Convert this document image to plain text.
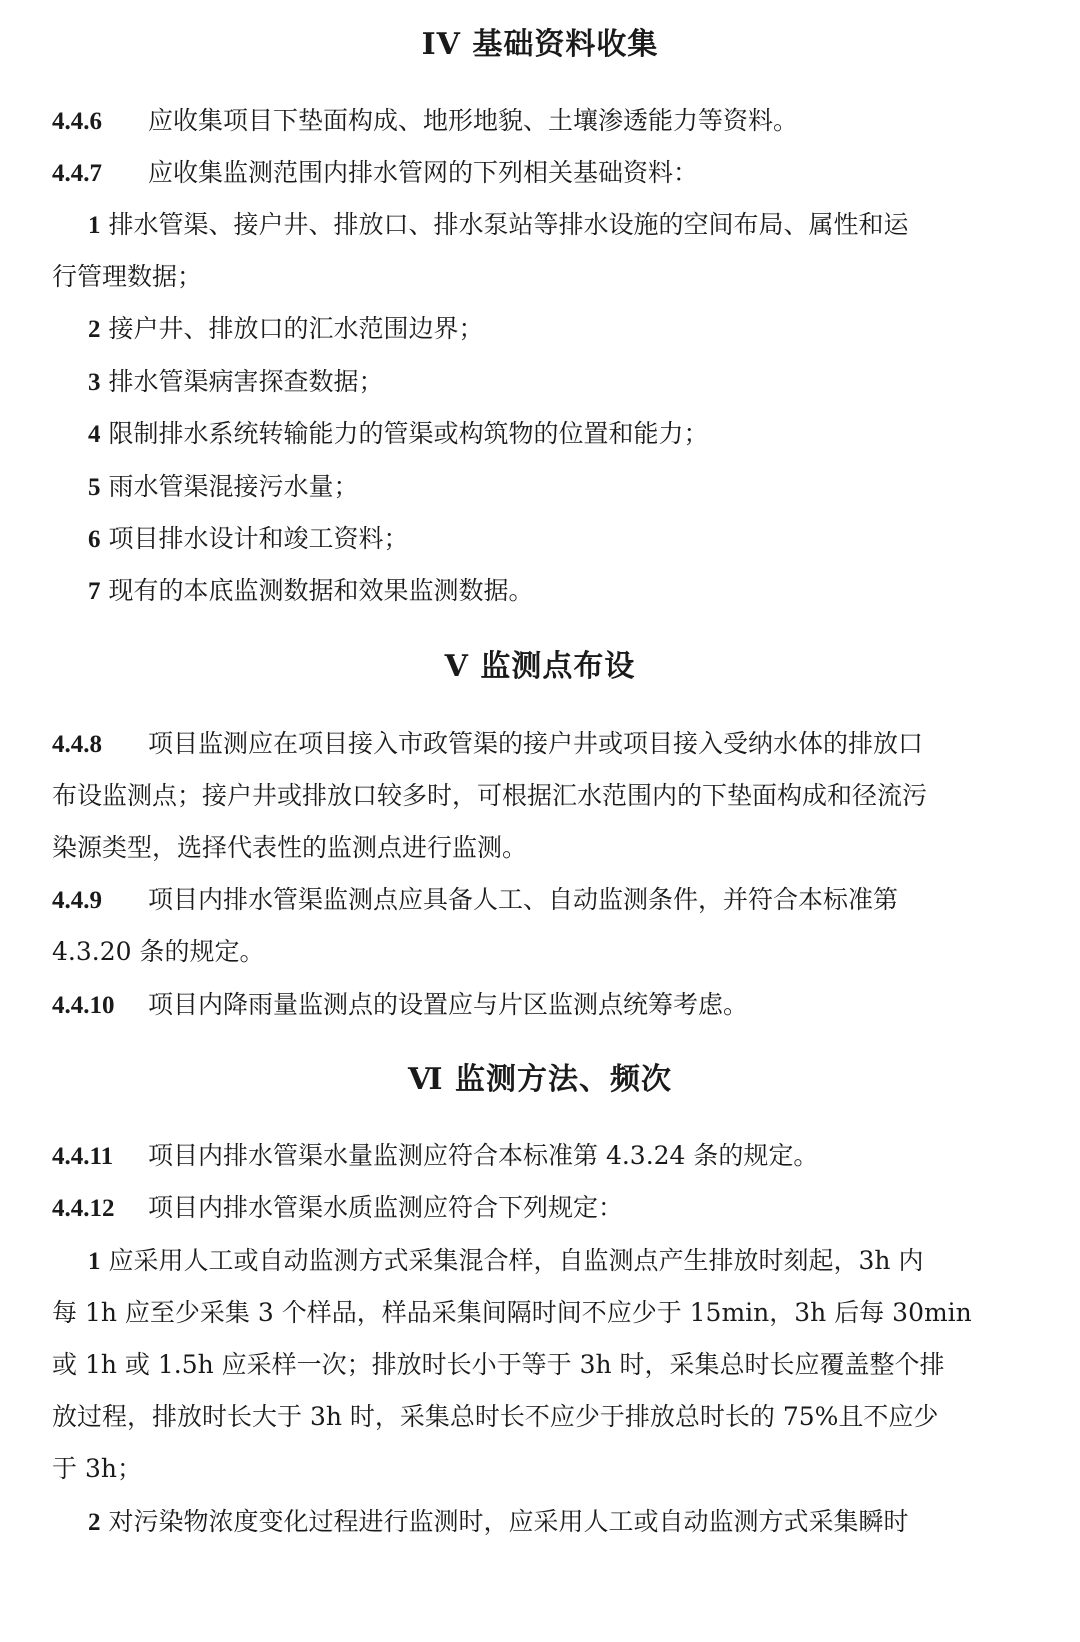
IV 基础资料收集
4.4.6 应收集项目下垫面构成、地形地貌、土壤渗透能力等资料。
4.4.7 应收集监测范围内排水管网的下列相关基础资料：
1 排水管渠、接户井、排放口、排水泵站等排水设施的空间布局、属性和运
行管理数据；
2 接户井、排放口的汇水范围边界；
3 排水管渠病害探查数据；
4 限制排水系统转输能力的管渠或构筑物的位置和能力；
5 雨水管渠混接污水量；
6 项目排水设计和竣工资料；
7 现有的本底监测数据和效果监测数据。
V 监测点布设
4.4.8 项目监测应在项目接入市政管渠的接户井或项目接入受纳水体的排放口
布设监测点；接户井或排放口较多时，可根据汇水范围内的下垫面构成和径流污
染源类型，选择代表性的监测点进行监测。
4.4.9 项目内排水管渠监测点应具备人工、自动监测条件，并符合本标准第
4.3.20 条的规定。
4.4.10 项目内降雨量监测点的设置应与片区监测点统筹考虑。
Ⅵ 监测方法、频次
4.4.11 项目内排水管渠水量监测应符合本标准第 4.3.24 条的规定。
4.4.12 项目内排水管渠水质监测应符合下列规定：
1 应采用人工或自动监测方式采集混合样，自监测点产生排放时刻起，3h 内
每 1h 应至少采集 3 个样品，样品采集间隔时间不应少于 15min，3h 后每 30min
或 1h 或 1.5h 应采样一次；排放时长小于等于 3h 时，采集总时长应覆盖整个排
放过程，排放时长大于 3h 时，采集总时长不应少于排放总时长的 75%且不应少
于 3h；
2 对污染物浓度变化过程进行监测时，应采用人工或自动监测方式采集瞬时
